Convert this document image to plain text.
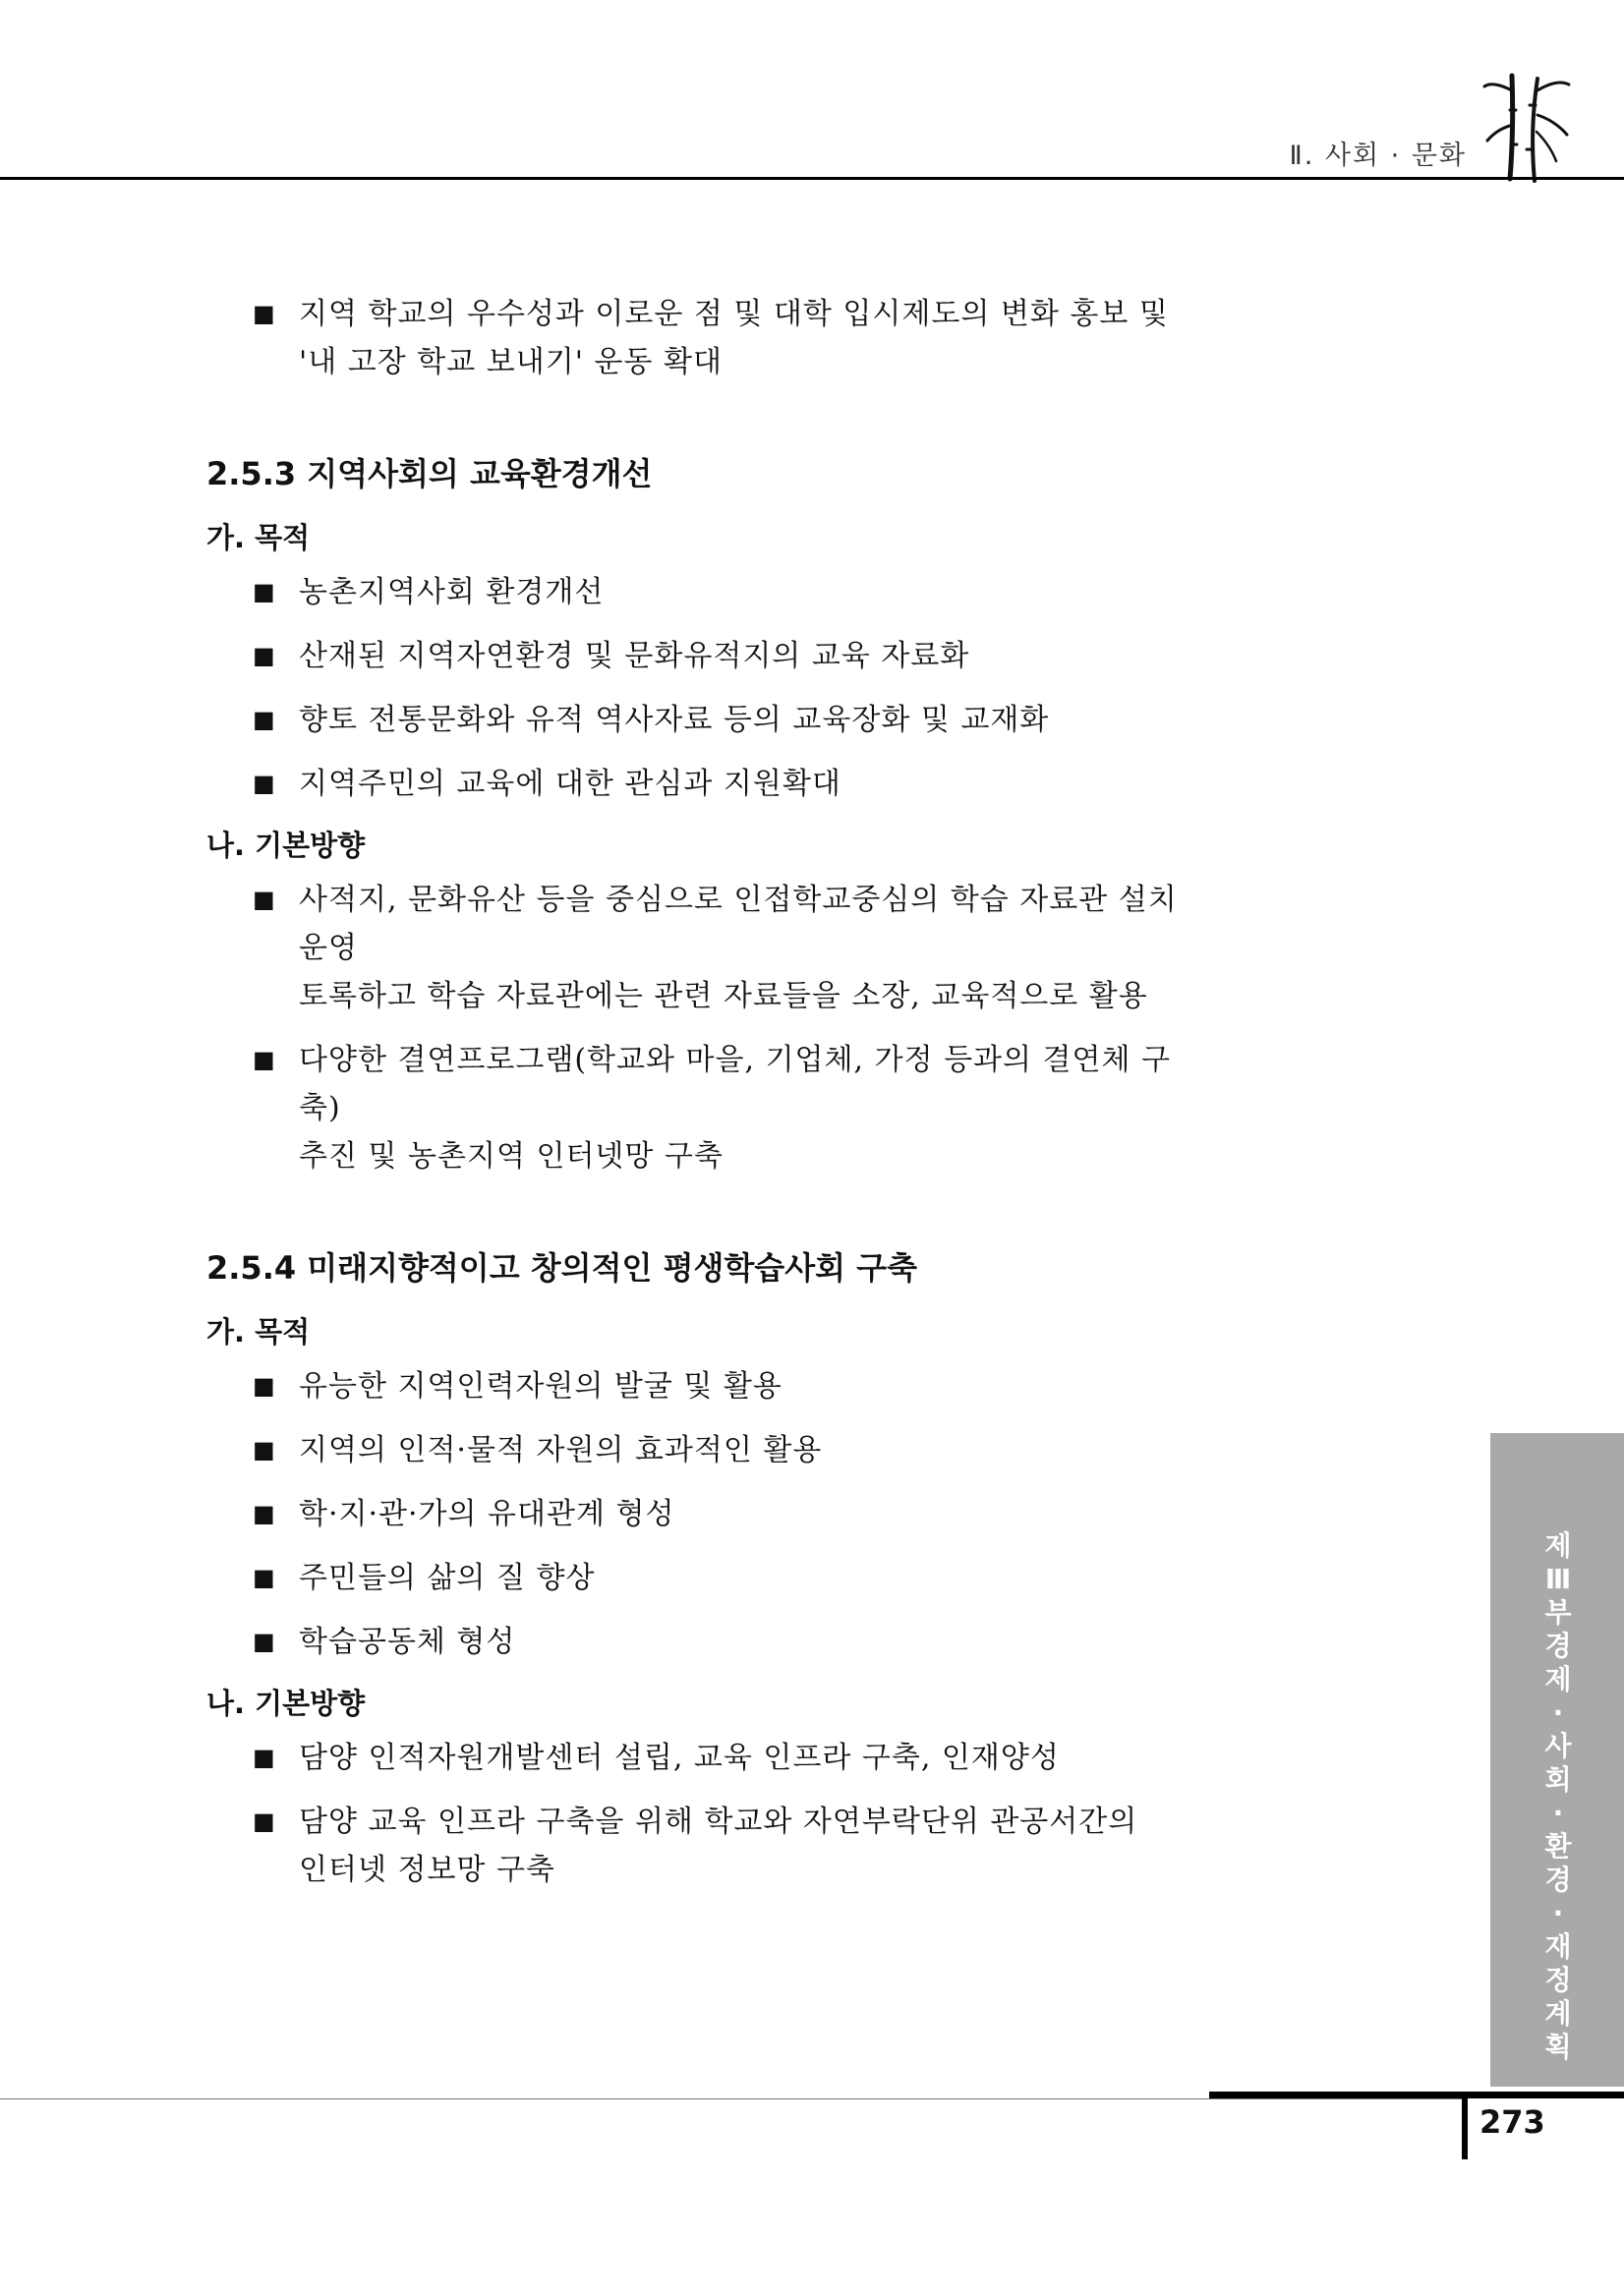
Ⅱ. 사회 · 문화
■ 지역 학교의 우수성과 이로운 점 및 대학 입시제도의 변화 홍보 및
'내 고장 학교 보내기' 운동 확대
2.5.3 지역사회의 교육환경개선
가. 목적
■ 농촌지역사회 환경개선
■ 산재된 지역자연환경 및 문화유적지의 교육 자료화
■ 향토 전통문화와 유적 역사자료 등의 교육장화 및 교재화
■ 지역주민의 교육에 대한 관심과 지원확대
나. 기본방향
■ 사적지, 문화유산 등을 중심으로 인접학교중심의 학습 자료관 설치운영
토록하고 학습 자료관에는 관련 자료들을 소장, 교육적으로 활용
■ 다양한 결연프로그램(학교와 마을, 기업체, 가정 등과의 결연체 구축)
추진 및 농촌지역 인터넷망 구축
2.5.4 미래지향적이고 창의적인 평생학습사회 구축
가. 목적
■ 유능한 지역인력자원의 발굴 및 활용
■ 지역의 인적·물적 자원의 효과적인 활용
■ 학·지·관·가의 유대관계 형성
■ 주민들의 삶의 질 향상
■ 학습공동체 형성
나. 기본방향
■ 담양 인적자원개발센터 설립, 교육 인프라 구축, 인재양성
■ 담양 교육 인프라 구축을 위해 학교와 자연부락단위 관공서간의
인터넷 정보망 구축
제Ⅲ부 경제·사회·환경·재정계획
273
